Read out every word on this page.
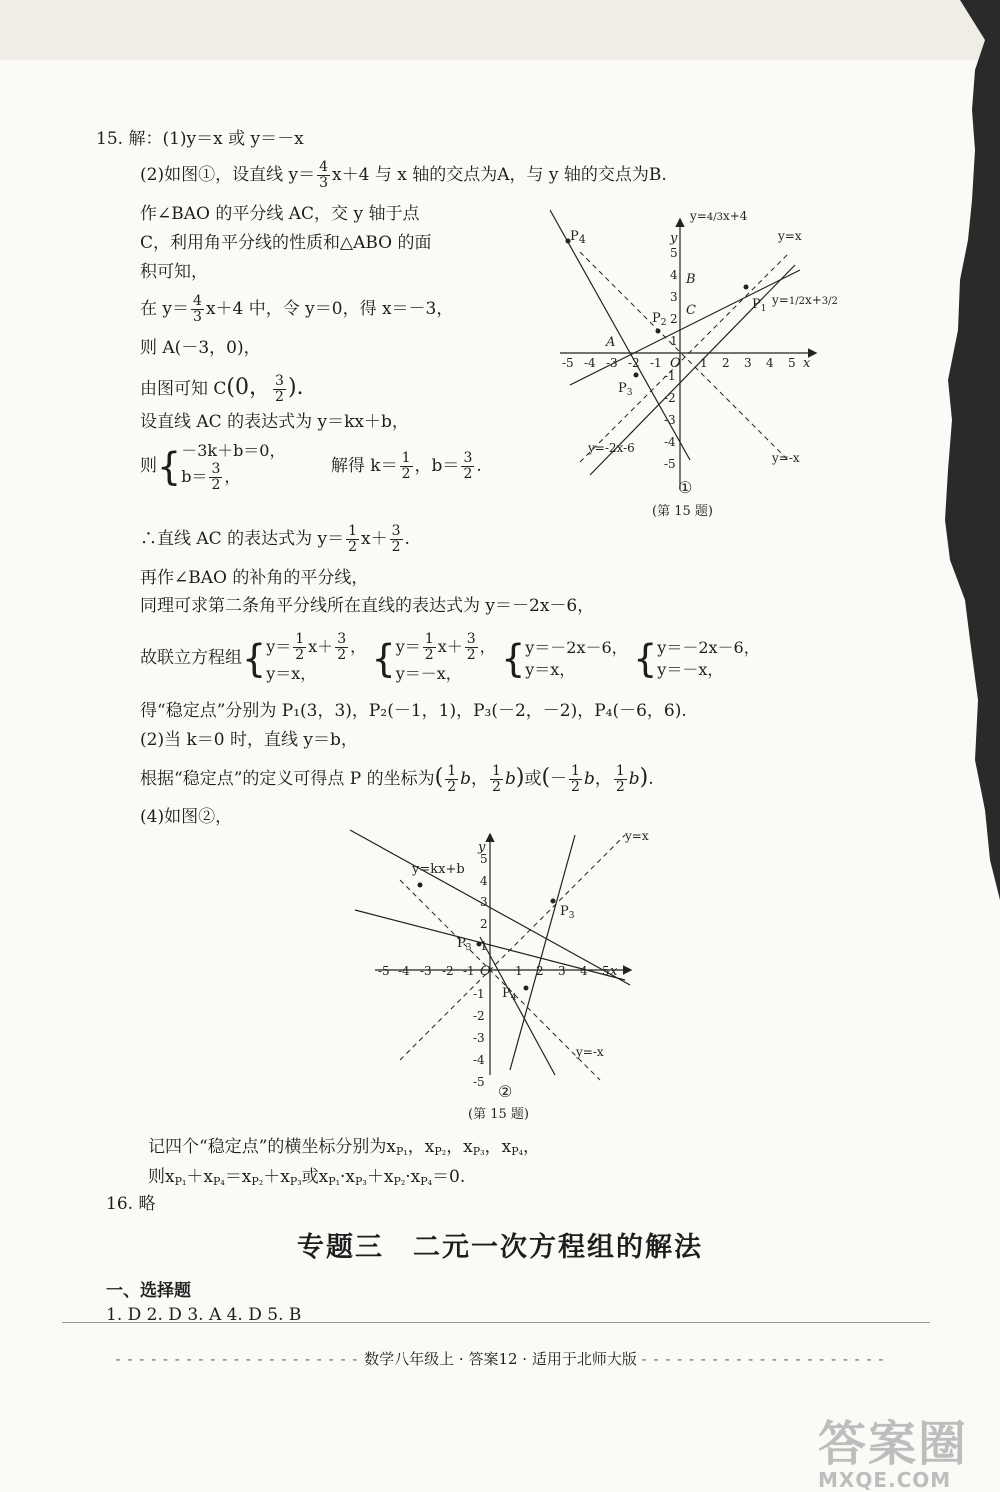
15. 解：(1)y＝x 或 y＝－x
(2)如图①，设直线 $y= \frac{4}{3} x+4$ 与 x 轴的交点为A，与 y 轴的交点为B.
作∠BAO 的平分线 AC，交 y 轴于点
C，利用角平分线的性质和△ABO 的面
积可知，
在 $y= \frac{4}{3} x+4$ 中，令 y＝0，得 x＝－3，
则 A(－3，0)，
由图可知 C(0， $\frac{3}{2}$ ).
设直线 AC 的表达式为 y＝kx＋b，
则{－3k＋b＝0，
$b= \frac{3}{2}$ ， 解得 $k= \frac{1}{2}$ ，$b= \frac{3}{2}$ .
∴直线 AC 的表达式为 $y= \frac{1}{2} x+ \frac{3}{2}$ .
再作∠BAO 的补角的平分线，
同理可求第二条角平分线所在直线的表达式为 y＝－2x－6，
故联立方程组{$y= \frac{1}{2} x+ \frac{3}{2}$ ，
y＝x， {$y= \frac{1}{2} x+ \frac{3}{2}$ ，
y＝－x， {y＝－2x－6，
y＝x， {y＝－2x－6，
y＝－x，
得“稳定点”分别为 P₁(3，3)，P₂(－1，1)，P₃(－2，－2)，P₄(－6，6).
(2)当 k＝0 时，直线 y＝b，
根据“稳定点”的定义可得点 P 的坐标为( $\frac{1}{2}$ b， $\frac{1}{2} b$)或(－ $\frac{1}{2}$ b， $\frac{1}{2} b$).
(4)如图②，
$P_4$
$P_1$
$P_2$
$P_3$
A
B
C
O	x
y
y=4/3x+4
y=x
y=1/2x+3/2
y=-2x-6
y=-x
-5 -4 -3 -2 -1	1 2 3 4 5
5
4
3
2
1
-1
-2
-3
-4
-5
①
(第 15 题)
$P_3$
$P_3$
$P_4$
y=kx+b
y=x
y=-x
O	x
y
-5 -4 -3 -2 -1	1 2 3 4 5
5
4
3
2
1
-1
-2
-3
-4
-5 ②
(第 15 题)
记四个“稳定点”的横坐标分别为$x_{P_1}$，$x_{P_2}$，$x_{P_3}$，$x_{P_4}$，
则$x_{P_1}+x_{P_4}=x_{P_2}+x_{P_3}$或$x_{P_1}\cdot x_{P_3}+x_{P_2}\cdot x_{P_4}=0$.
16. 略
专题三　二元一次方程组的解法
一、选择题
1. D 2. D 3. A 4. D 5. B
- - - - - - - - - - - - - - - - - - - - - 数学八年级上 · 答案12 · 适用于北师大版 - - - - - - - - - - - - - - - - - - - - -
答案圈
MXQE.COM
